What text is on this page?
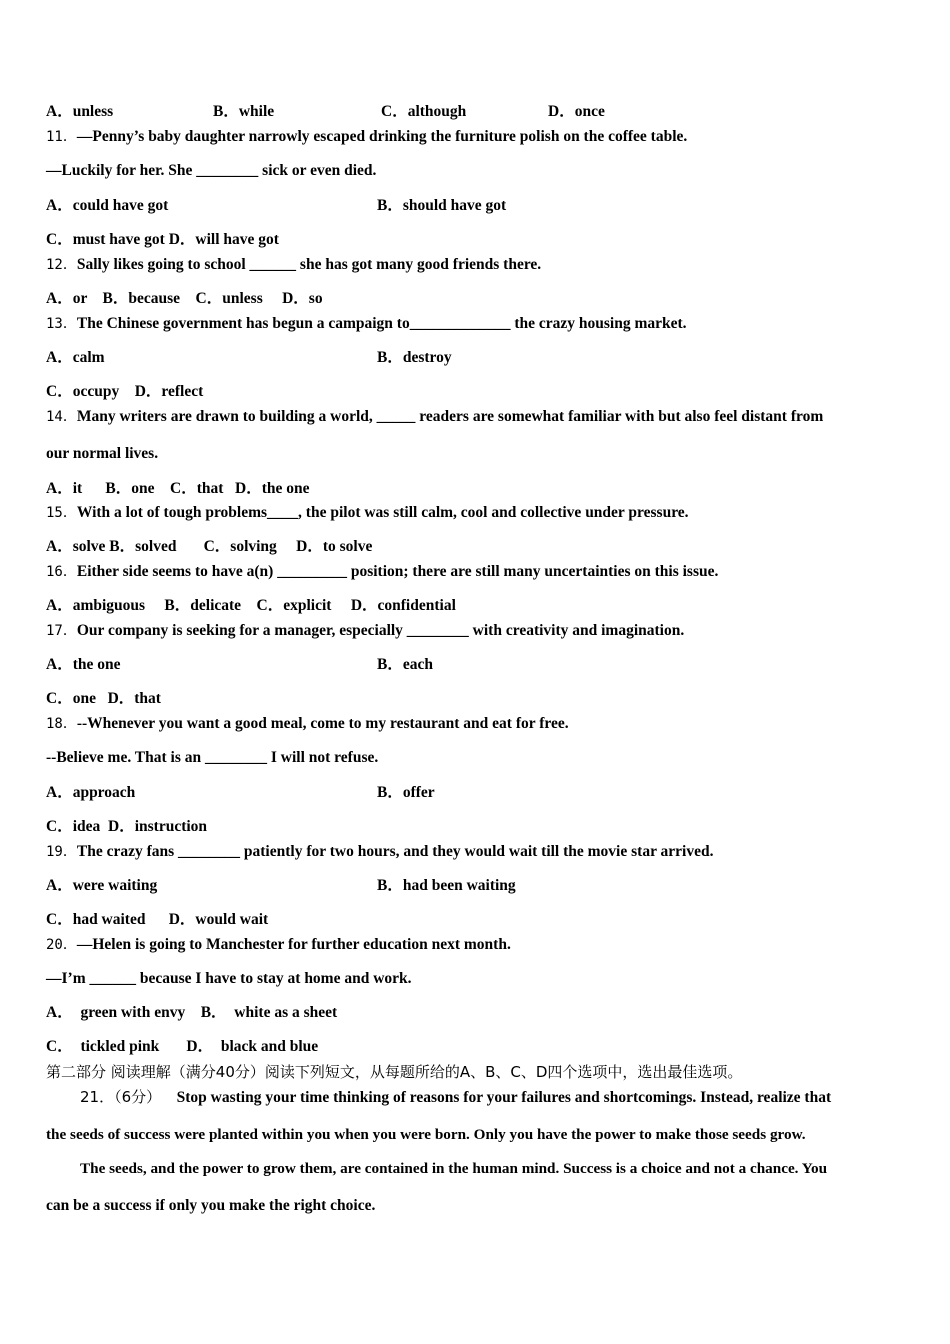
A．unless	B．while	C．although	D．once
11．—Penny’s baby daughter narrowly escaped drinking the furniture polish on the coffee table.
—Luckily for her. She ________ sick or even died.
A．could have got	B．should have got
C．must have got D．will have got
12．Sally likes going to school ______ she has got many good friends there.
A．or    B．because    C．unless     D．so
13．The Chinese government has begun a campaign to_____________ the crazy housing market.
A．calm	B．destroy
C．occupy    D．reflect
14．Many writers are drawn to building a world, _____ readers are somewhat familiar with but also feel distant from
our normal lives.
A．it      B．one    C．that   D．the one
15．With a lot of tough problems____, the pilot was still calm, cool and collective under pressure.
A．solve B．solved       C．solving     D．to solve
16．Either side seems to have a(n) _________ position; there are still many uncertainties on this issue.
A．ambiguous     B．delicate    C．explicit     D．confidential
17．Our company is seeking for a manager, especially ________ with creativity and imagination.
A．the one	B．each
C．one   D．that
18．--Whenever you want a good meal, come to my restaurant and eat for free.
--Believe me. That is an ________ I will not refuse.
A．approach	B．offer
C．idea  D．instruction
19．The crazy fans ________ patiently for two hours, and they would wait till the movie star arrived.
A．were waiting	B．had been waiting
C．had waited      D．would wait
20．—Helen is going to Manchester for further education next month.
—I’m ______ because I have to stay at home and work.
A．  green with envy    B．  white as a sheet
C．  tickled pink       D．  black and blue
第二部分 阅读理解（满分40分）阅读下列短文，从每题所给的A、B、C、D四个选项中，选出最佳选项。
21．（6分） Stop wasting your time thinking of reasons for your failures and shortcomings. Instead, realize that
the seeds of success were planted within you when you were born. Only you have the power to make those seeds grow.
The seeds, and the power to grow them, are contained in the human mind. Success is a choice and not a chance. You
can be a success if only you make the right choice.
